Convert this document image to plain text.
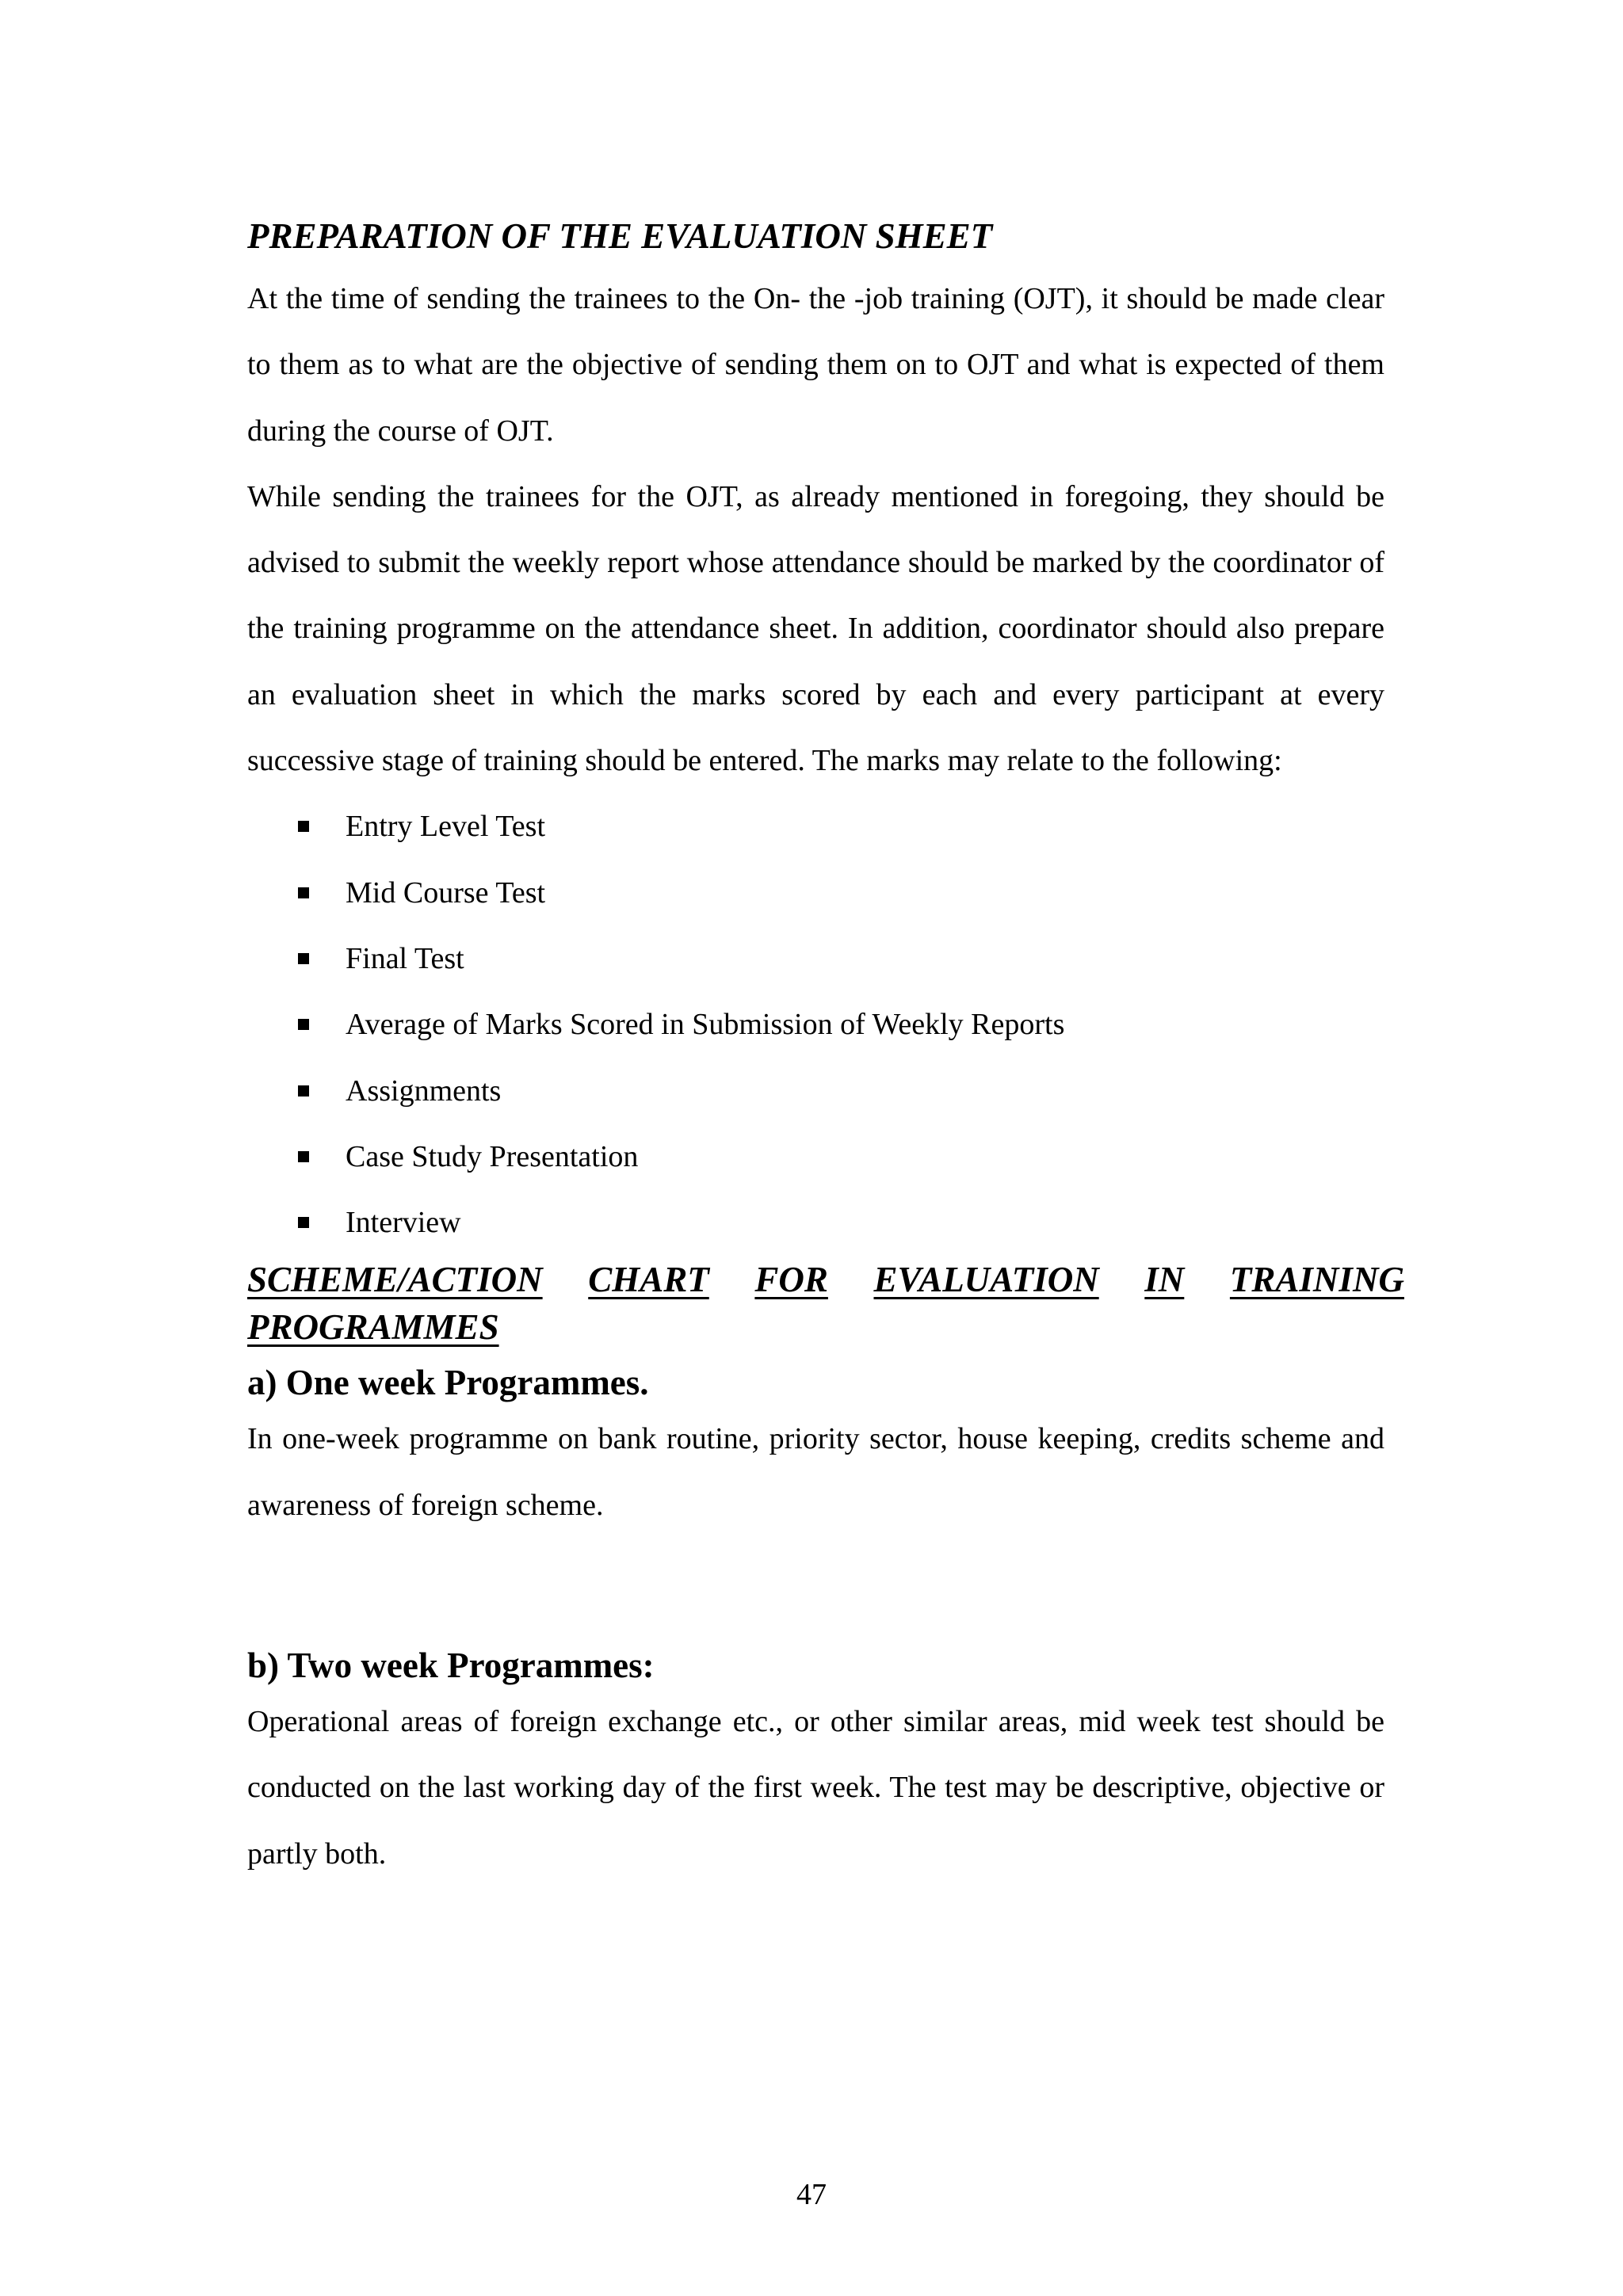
PREPARATION OF THE EVALUATION SHEET

At the time of sending the trainees to the On- the -job training (OJT), it should be made clear to them as to what are the objective of sending them on to OJT and what is expected of them during the course of OJT.

While sending the trainees for the OJT, as already mentioned in foregoing, they should be advised to submit the weekly report whose attendance should be marked by the coordinator of the training programme on the attendance sheet. In addition, coordinator should also prepare an evaluation sheet in which the marks scored by each and every participant at every successive stage of training should be entered. The marks may relate to the following:

Entry Level Test
Mid Course Test
Final Test
Average of Marks Scored in Submission of Weekly Reports
Assignments
Case Study Presentation
Interview
SCHEME/ACTION CHART FOR EVALUATION IN TRAINING
PROGRAMMES
a) One week Programmes.

In one-week programme on bank routine, priority sector, house keeping, credits scheme and awareness of foreign scheme.

b) Two week Programmes:

Operational areas of foreign exchange etc., or other similar areas, mid week test should be conducted on the last working day of the first week. The test may be descriptive, objective or partly both.

47
